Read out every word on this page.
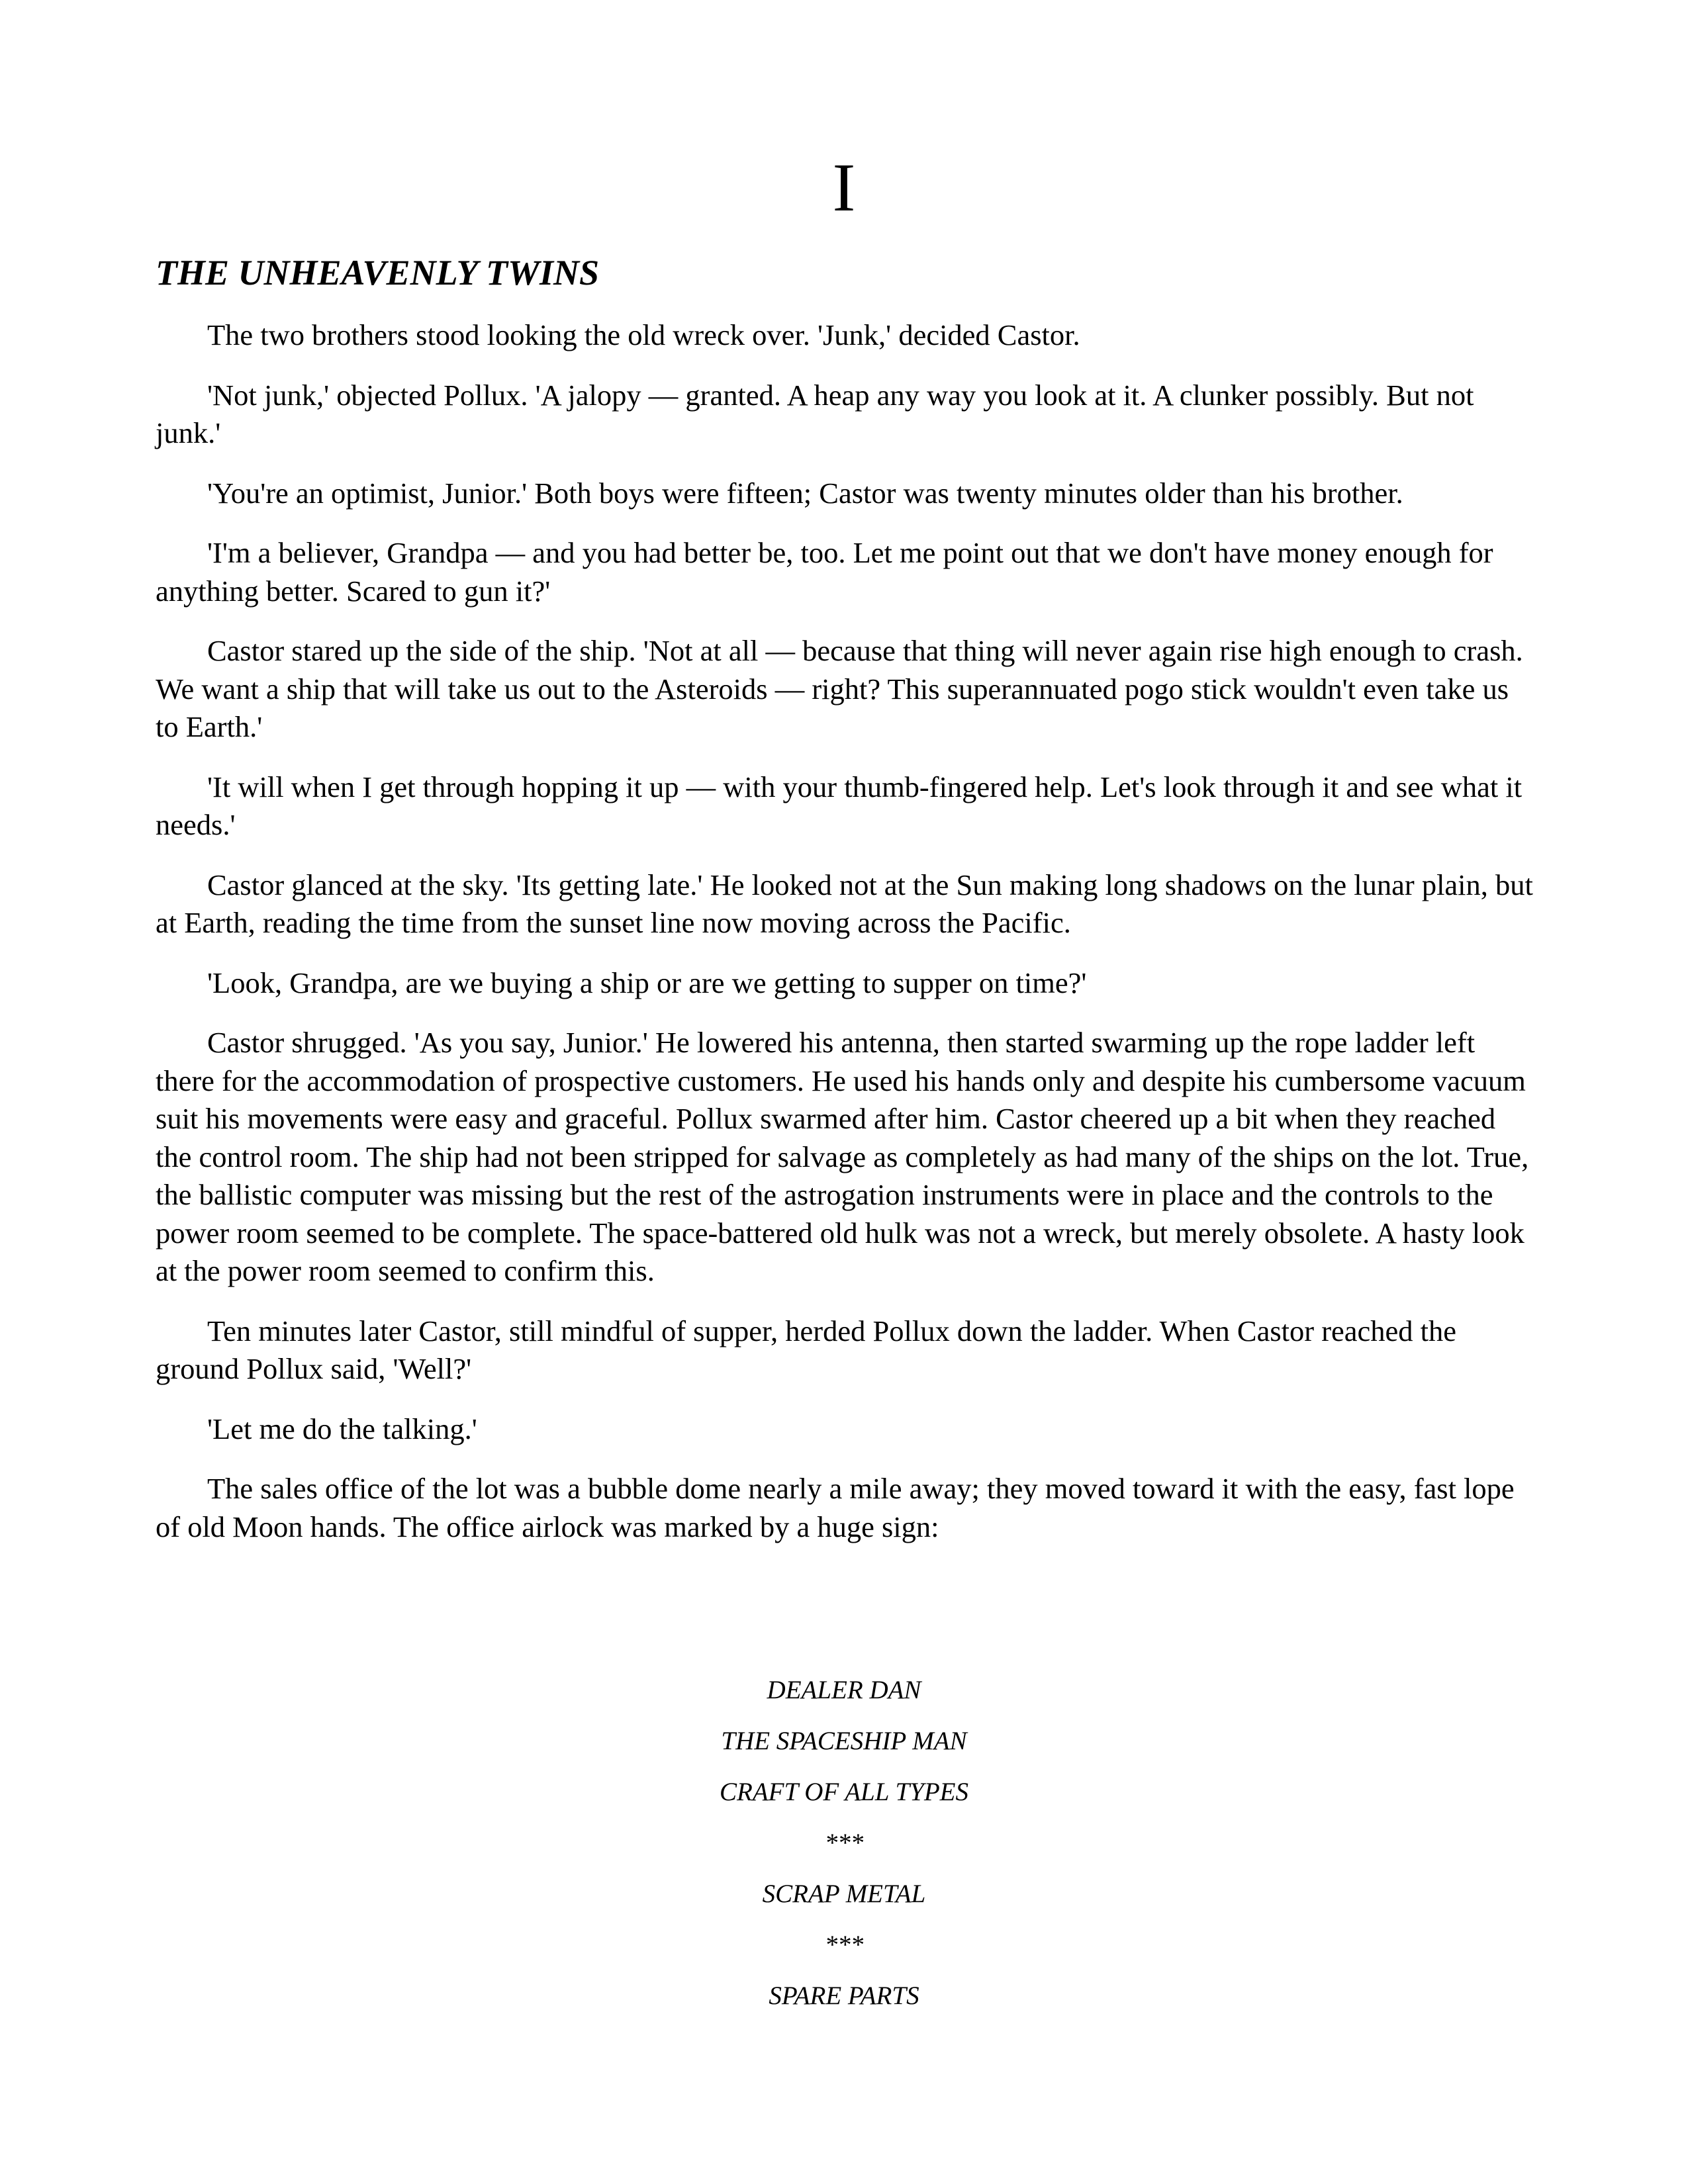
I
THE UNHEAVENLY TWINS

The two brothers stood looking the old wreck over. 'Junk,' decided Castor.

'Not junk,' objected Pollux. 'A jalopy — granted. A heap any way you look at it. A clunker possibly. But not junk.'

'You're an optimist, Junior.' Both boys were fifteen; Castor was twenty minutes older than his brother.

'I'm a believer, Grandpa — and you had better be, too. Let me point out that we don't have money enough for anything better. Scared to gun it?'

Castor stared up the side of the ship. 'Not at all — because that thing will never again rise high enough to crash. We want a ship that will take us out to the Asteroids — right? This superannuated pogo stick wouldn't even take us to Earth.'

'It will when I get through hopping it up — with your thumb-fingered help. Let's look through it and see what it needs.'

Castor glanced at the sky. 'Its getting late.' He looked not at the Sun making long shadows on the lunar plain, but at Earth, reading the time from the sunset line now moving across the Pacific.

'Look, Grandpa, are we buying a ship or are we getting to supper on time?'

Castor shrugged. 'As you say, Junior.' He lowered his antenna, then started swarming up the rope ladder left there for the accommodation of prospective customers. He used his hands only and despite his cumbersome vacuum suit his movements were easy and graceful. Pollux swarmed after him. Castor cheered up a bit when they reached the control room. The ship had not been stripped for salvage as completely as had many of the ships on the lot. True, the ballistic computer was missing but the rest of the astrogation instruments were in place and the controls to the power room seemed to be complete. The space-battered old hulk was not a wreck, but merely obsolete. A hasty look at the power room seemed to confirm this.

Ten minutes later Castor, still mindful of supper, herded Pollux down the ladder. When Castor reached the ground Pollux said, 'Well?'

'Let me do the talking.'

The sales office of the lot was a bubble dome nearly a mile away; they moved toward it with the easy, fast lope of old Moon hands. The office airlock was marked by a huge sign:

DEALER DAN
THE SPACESHIP MAN
CRAFT OF ALL TYPES
***
SCRAP METAL
***
SPARE PARTS
